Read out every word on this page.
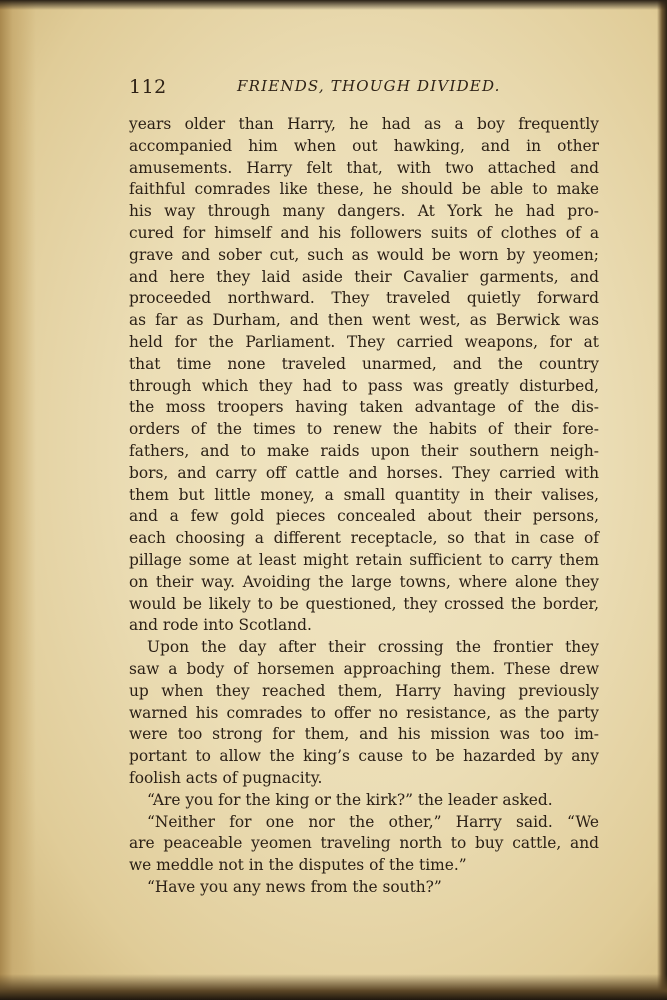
112	FRIENDS, THOUGH DIVIDED.
years older than Harry, he had as a boy frequently
accompanied him when out hawking, and in other
amusements. Harry felt that, with two attached and
faithful comrades like these, he should be able to make
his way through many dangers. At York he had pro-
cured for himself and his followers suits of clothes of a
grave and sober cut, such as would be worn by yeomen;
and here they laid aside their Cavalier garments, and
proceeded northward. They traveled quietly forward
as far as Durham, and then went west, as Berwick was
held for the Parliament. They carried weapons, for at
that time none traveled unarmed, and the country
through which they had to pass was greatly disturbed,
the moss troopers having taken advantage of the dis-
orders of the times to renew the habits of their fore-
fathers, and to make raids upon their southern neigh-
bors, and carry off cattle and horses. They carried with
them but little money, a small quantity in their valises,
and a few gold pieces concealed about their persons,
each choosing a different receptacle, so that in case of
pillage some at least might retain sufficient to carry them
on their way. Avoiding the large towns, where alone they
would be likely to be questioned, they crossed the border,
and rode into Scotland.
Upon the day after their crossing the frontier they
saw a body of horsemen approaching them. These drew
up when they reached them, Harry having previously
warned his comrades to offer no resistance, as the party
were too strong for them, and his mission was too im-
portant to allow the king’s cause to be hazarded by any
foolish acts of pugnacity.
“Are you for the king or the kirk?” the leader asked.
“Neither for one nor the other,” Harry said. “We
are peaceable yeomen traveling north to buy cattle, and
we meddle not in the disputes of the time.”
“Have you any news from the south?”
